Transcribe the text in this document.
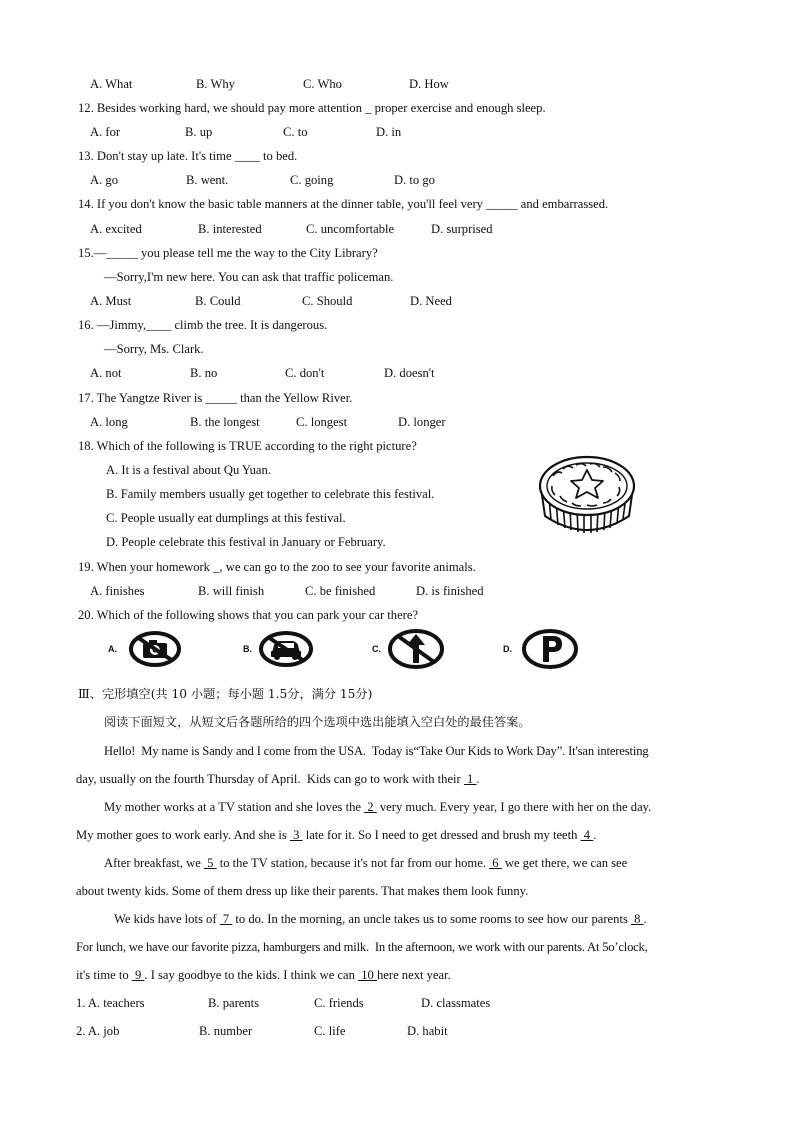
A. What	B. Why	C. Who	D. How
12. Besides working hard, we should pay more attention _ proper exercise and enough sleep.
A. for	B. up	C. to	D. in
13. Don't stay up late. It's time ____ to bed.
A. go	B. went.	C. going	D. to go
14. If you don't know the basic table manners at the dinner table, you'll feel very _____ and embarrassed.
A. excited	B. interested	C. uncomfortable	D. surprised
15.—_____ you please tell me the way to the City Library?
—Sorry,I'm new here. You can ask that traffic policeman.
A. Must	B. Could	C. Should	D. Need
16. —Jimmy,____ climb the tree. It is dangerous.
—Sorry, Ms. Clark.
A. not	B. no	C. don't	D. doesn't
17. The Yangtze River is _____ than the Yellow River.
A. long	B. the longest	C. longest	D. longer
18. Which of the following is TRUE according to the right picture?
A. It is a festival about Qu Yuan.
B. Family members usually get together to celebrate this festival.
C. People usually eat dumplings at this festival.
D. People celebrate this festival in January or February.
19. When your homework _, we can go to the zoo to see your favorite animals.
A. finishes	B. will finish	C. be finished	D. is finished
20. Which of the following shows that you can park your car there?
A.	B.	C.	D.
Ⅲ、完形填空(共 10 小题；每小题 1.5分，满分 15分)
阅读下面短文，从短文后各题所给的四个选项中选出能填入空白处的最佳答案。
Hello!  My name is Sandy and I come from the USA.  Today is“Take Our Kids to Work Day”. It'san interesting
day, usually on the fourth Thursday of April.  Kids can go to work with their  1 .
My mother works at a TV station and she loves the  2  very much. Every year, I go there with her on the day.
My mother goes to work early. And she is  3  late for it. So I need to get dressed and brush my teeth  4 .
After breakfast, we  5  to the TV station, because it's not far from our home.  6  we get there, we can see
about twenty kids. Some of them dress up like their parents. That makes them look funny.
We kids have lots of  7  to do. In the morning, an uncle takes us to some rooms to see how our parents  8 .
For lunch, we have our favorite pizza, hamburgers and milk.  In the afternoon, we work with our parents. At 5o’clock,
it's time to  9 . I say goodbye to the kids. I think we can  10 here next year.
1. A. teachers	B. parents	C. friends	D. classmates
2. A. job	B. number	C. life	D. habit
